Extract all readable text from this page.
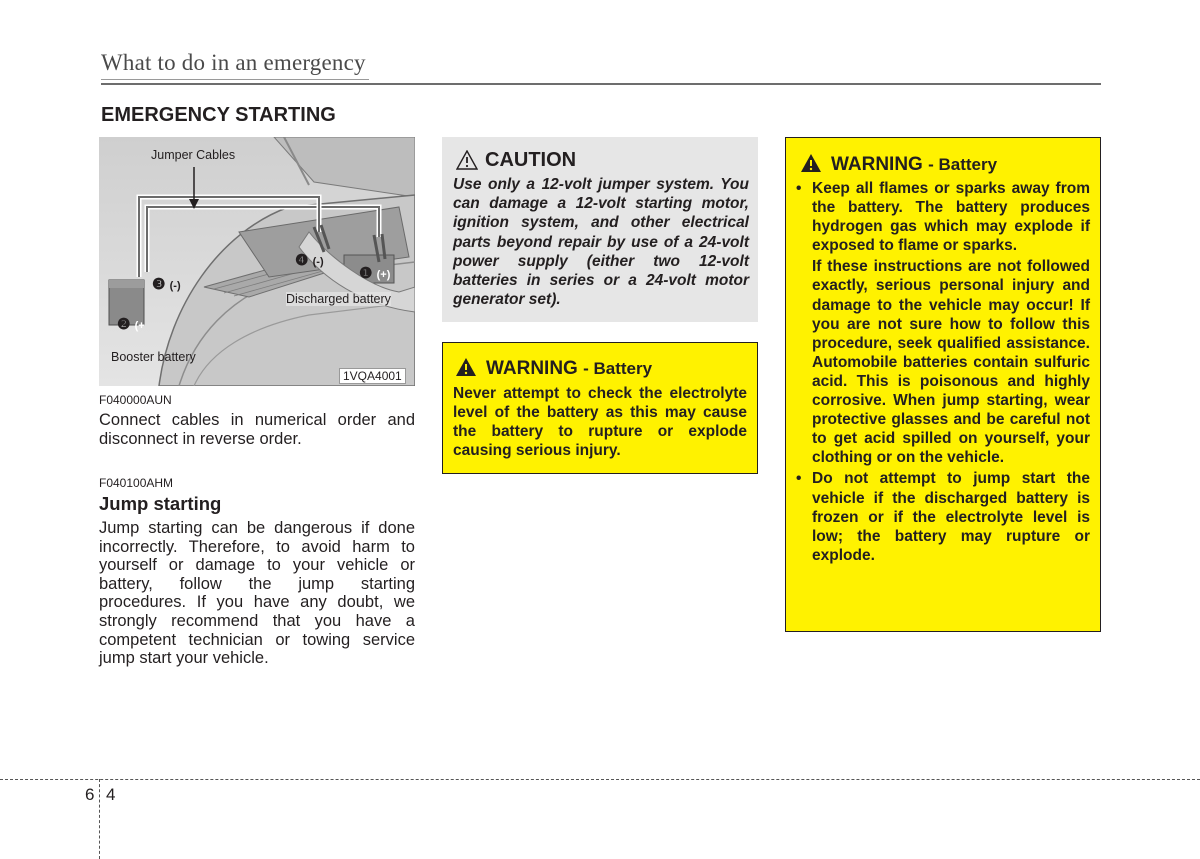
What to do in an emergency
EMERGENCY STARTING
Jumper Cables
Discharged battery
Booster battery
1VQA4001
❹ (-)
❶ (+)
❸ (-)
❷ (+
F040000AUN
Connect cables in numerical order and disconnect in reverse order.
F040100AHM
Jump starting
Jump starting can be dangerous if done incorrectly. Therefore, to avoid harm to yourself or damage to your vehicle or battery, follow the jump starting procedures. If you have any doubt, we strongly recommend that you have a competent technician or towing service jump start your vehicle.
CAUTION
Use only a 12-volt jumper system. You can damage a 12-volt starting motor, ignition system, and other electrical parts beyond repair by use of a 24-volt power supply (either two 12-volt batteries in series or a 24-volt motor generator set).
WARNING - Battery
Never attempt to check the electrolyte level of the battery as this may cause the battery to rupture or explode causing serious injury.
WARNING - Battery
• Keep all flames or sparks away from the battery. The battery produces hydrogen gas which may explode if exposed to flame or sparks.
If these instructions are not followed exactly, serious personal injury and damage to the vehicle may occur! If you are not sure how to follow this procedure, seek qualified assistance. Automobile batteries contain sulfuric acid. This is poisonous and highly corrosive. When jump starting, wear protective glasses and be careful not to get acid spilled on yourself, your clothing or on the vehicle.
• Do not attempt to jump start the vehicle if the discharged battery is frozen or if the electrolyte level is low; the battery may rupture or explode.
6 4
